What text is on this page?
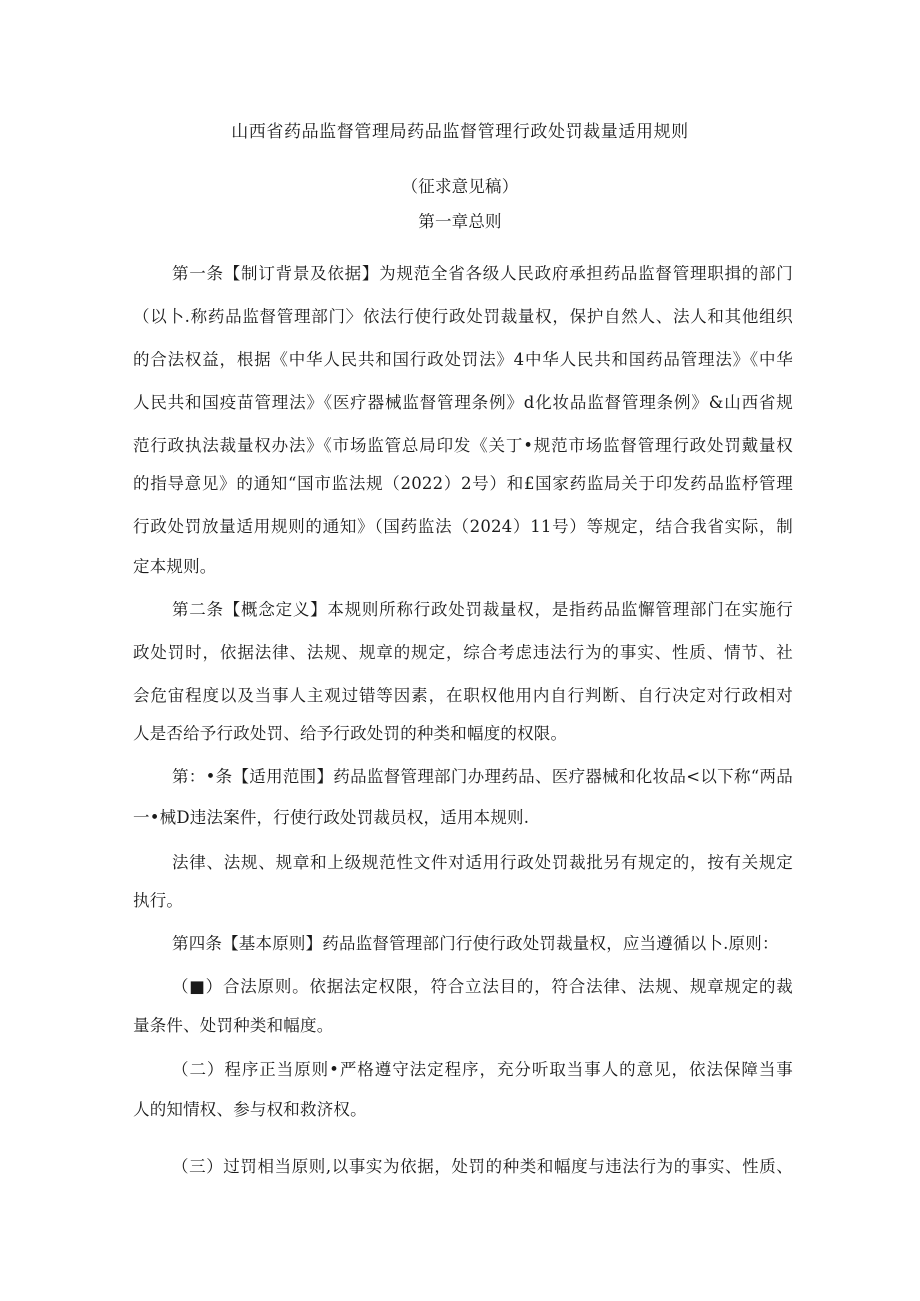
山西省药品监督管理局药品监督管理行政处罚裁量适用规则
（征求意见稿）
第一章总则
第一条【制订背景及依据】为规范全省各级人民政府承担药品监督管理职揖的部门
（以卜.称药品监督管理部门〉依法行使行政处罚裁量权，保护自然人、法人和其他组织
的合法权益，根据《中华人民共和国行政处罚法》4中华人民共和国药品管理法》《中华
人民共和国疫苗管理法》《医疗器械监督管理条例》d化妆品监督管理条例》&山西省规
范行政执法裁量权办法》《市场监管总局印发《关丁•规范市场监督管理行政处罚戴量权
的指导意见》的通知“国市监法规（2022）2号）和£国家药监局关于印发药品监杼管理
行政处罚放量适用规则的通知》（国药监法（2024）11号）等规定，结合我省实际，制
定本规则。
第二条【概念定义】本规则所称行政处罚裁量权，是指药品监懈管理部门在实施行
政处罚时，依据法律、法规、规章的规定，综合考虑违法行为的事实、性质、情节、社
会危宙程度以及当事人主观过错等因素，在职权他用内自行判断、自行决定对行政相对
人是否给予行政处罚、给予行政处罚的种类和幅度的权限。
第：•条【适用范围】药品监督管理部门办理药品、医疗器械和化妆品<以下称“两品
一•械D违法案件，行使行政处罚裁员权，适用本规则.
法律、法规、规章和上级规范性文件对适用行政处罚裁批另有规定的，按有关规定
执行。
第四条【基本原则】药品监督管理部门行使行政处罚裁量权，应当遵循以卜.原则：
（■）合法原则。依据法定权限，符合立法目的，符合法律、法规、规章规定的裁
量条件、处罚种类和幅度。
（二）程序正当原则•严格遵守法定程序，充分听取当事人的意见，依法保障当事
人的知情权、参与权和救济权。
（三）过罚相当原则,以事实为依据，处罚的种类和幅度与违法行为的事实、性质、
